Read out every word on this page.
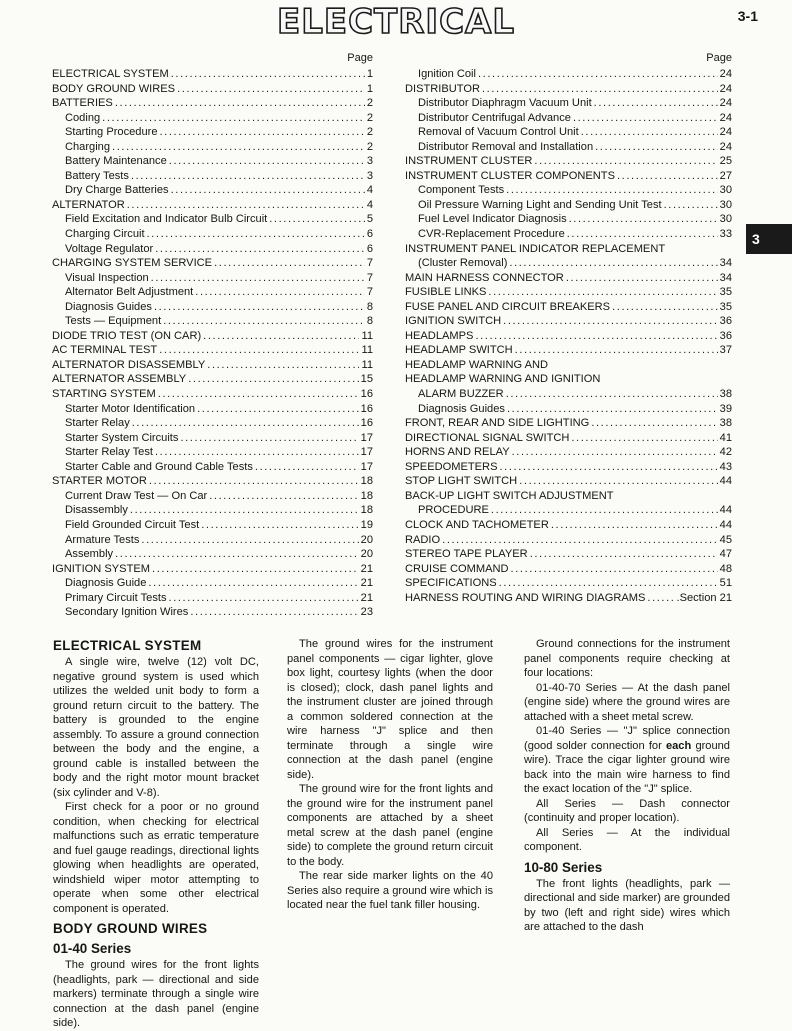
ELECTRICAL	3-1
3
Page
ELECTRICAL SYSTEM .....	1
BODY GROUND WIRES .....	1
BATTERIES .....	2
Coding .....	2
Starting Procedure .....	2
Charging .....	2
Battery Maintenance .....	3
Battery Tests .....	3
Dry Charge Batteries .....	4
ALTERNATOR .....	4
Field Excitation and Indicator Bulb Circuit .....	5
Charging Circuit .....	6
Voltage Regulator .....	6
CHARGING SYSTEM SERVICE .....	7
Visual Inspection .....	7
Alternator Belt Adjustment .....	7
Diagnosis Guides .....	8
Tests — Equipment .....	8
DIODE TRIO TEST (ON CAR) .....	11
AC TERMINAL TEST .....	11
ALTERNATOR DISASSEMBLY .....	11
ALTERNATOR ASSEMBLY .....	15
STARTING SYSTEM .....	16
Starter Motor Identification .....	16
Starter Relay .....	16
Starter System Circuits .....	17
Starter Relay Test .....	17
Starter Cable and Ground Cable Tests .....	17
STARTER MOTOR .....	18
Current Draw Test — On Car .....	18
Disassembly .....	18
Field Grounded Circuit Test .....	19
Armature Tests .....	20
Assembly .....	20
IGNITION SYSTEM .....	21
Diagnosis Guide .....	21
Primary Circuit Tests .....	21
Secondary Ignition Wires .....	23
Page
Ignition Coil .....	24
DISTRIBUTOR .....	24
Distributor Diaphragm Vacuum Unit .....	24
Distributor Centrifugal Advance .....	24
Removal of Vacuum Control Unit .....	24
Distributor Removal and Installation .....	24
INSTRUMENT CLUSTER .....	25
INSTRUMENT CLUSTER COMPONENTS .....	27
Component Tests .....	30
Oil Pressure Warning Light and Sending Unit Test .....	30
Fuel Level Indicator Diagnosis .....	30
CVR-Replacement Procedure .....	33
INSTRUMENT PANEL INDICATOR REPLACEMENT
(Cluster Removal) .....	34
MAIN HARNESS CONNECTOR .....	34
FUSIBLE LINKS .....	35
FUSE PANEL AND CIRCUIT BREAKERS .....	35
IGNITION SWITCH .....	36
HEADLAMPS .....	36
HEADLAMP SWITCH .....	37
HEADLAMP WARNING AND
HEADLAMP WARNING AND IGNITION
ALARM BUZZER .....	38
Diagnosis Guides .....	39
FRONT, REAR AND SIDE LIGHTING .....	38
DIRECTIONAL SIGNAL SWITCH .....	41
HORNS AND RELAY .....	42
SPEEDOMETERS .....	43
STOP LIGHT SWITCH .....	44
BACK-UP LIGHT SWITCH ADJUSTMENT
PROCEDURE .....	44
CLOCK AND TACHOMETER .....	44
RADIO .....	45
STEREO TAPE PLAYER .....	47
CRUISE COMMAND .....	48
SPECIFICATIONS .....	51
HARNESS ROUTING AND WIRING DIAGRAMS .....	.Section 21
ELECTRICAL SYSTEM

A single wire, twelve (12) volt DC, negative ground system is used which utilizes the welded unit body to form a ground return circuit to the battery. The battery is grounded to the engine assembly. To assure a ground connection between the body and the engine, a ground cable is installed between the body and the right motor mount bracket (six cylinder and V-8).

First check for a poor or no ground condition, when checking for electrical malfunctions such as erratic temperature and fuel gauge readings, directional lights glowing when headlights are operated, windshield wiper motor attempting to operate when some other electrical component is operated.

BODY GROUND WIRES
01-40 Series

The ground wires for the front lights (headlights, park — directional and side markers) terminate through a single wire connection at the dash panel (engine side).

The ground wires for the instrument panel components — cigar lighter, glove box light, courtesy lights (when the door is closed); clock, dash panel lights and the instrument cluster are joined through a common soldered connection at the wire harness "J" splice and then terminate through a single wire connection at the dash panel (engine side).

The ground wire for the front lights and the ground wire for the instrument panel components are attached by a sheet metal screw at the dash panel (engine side) to complete the ground return circuit to the body.

The rear side marker lights on the 40 Series also require a ground wire which is located near the fuel tank filler housing.

Ground connections for the instrument panel components require checking at four locations:

01-40-70 Series — At the dash panel (engine side) where the ground wires are attached with a sheet metal screw.

01-40 Series — "J" splice connection (good solder connection for each ground wire). Trace the cigar lighter ground wire back into the main wire harness to find the exact location of the "J" splice.

All Series — Dash connector (continuity and proper location).

All Series — At the individual component.

10-80 Series

The front lights (headlights, park — directional and side marker) are grounded by two (left and right side) wires which are attached to the dash
